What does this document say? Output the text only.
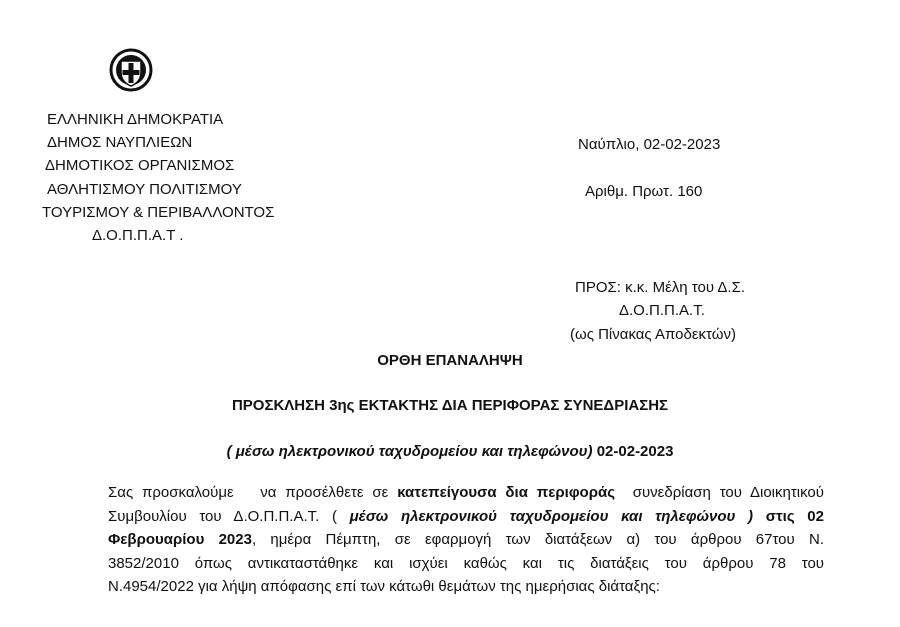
ΕΛΛΗΝΙΚΗ ΔΗΜΟΚΡΑΤΙΑ
ΔΗΜΟΣ ΝΑΥΠΛΙΕΩΝ
ΔΗΜΟΤΙΚΟΣ ΟΡΓΑΝΙΣΜΟΣ
ΑΘΛΗΤΙΣΜΟΥ ΠΟΛΙΤΙΣΜΟΥ
ΤΟΥΡΙΣΜΟΥ & ΠΕΡΙΒΑΛΛΟΝΤΟΣ
Δ.Ο.Π.Π.Α.Τ .
Ναύπλιο, 02-02-2023
Αριθμ. Πρωτ. 160
ΠΡΟΣ: κ.κ. Μέλη του Δ.Σ.
Δ.Ο.Π.Π.Α.Τ.
(ως Πίνακας Αποδεκτών)
ΟΡΘΗ ΕΠΑΝΑΛΗΨΗ
ΠΡΟΣΚΛΗΣΗ 3ης ΕΚΤΑΚΤΗΣ ΔΙΑ ΠΕΡΙΦΟΡΑΣ ΣΥΝΕΔΡΙΑΣΗΣ
( μέσω ηλεκτρονικού ταχυδρομείου και τηλεφώνου) 02-02-2023
Σας προσκαλούμε   να προσέλθετε σε κατεπείγουσα δια περιφοράς  συνεδρίαση του Διοικητικού
Συμβουλίου του Δ.Ο.Π.Π.Α.Τ. ( μέσω ηλεκτρονικού ταχυδρομείου και τηλεφώνου ) στις 02
Φεβρουαρίου 2023, ημέρα Πέμπτη, σε εφαρμογή των διατάξεων α) του άρθρου 67του Ν.
3852/2010 όπως αντικαταστάθηκε και ισχύει καθώς και τις διατάξεις του άρθρου 78 του
Ν.4954/2022 για λήψη απόφασης επί των κάτωθι θεμάτων της ημερήσιας διάταξης:
